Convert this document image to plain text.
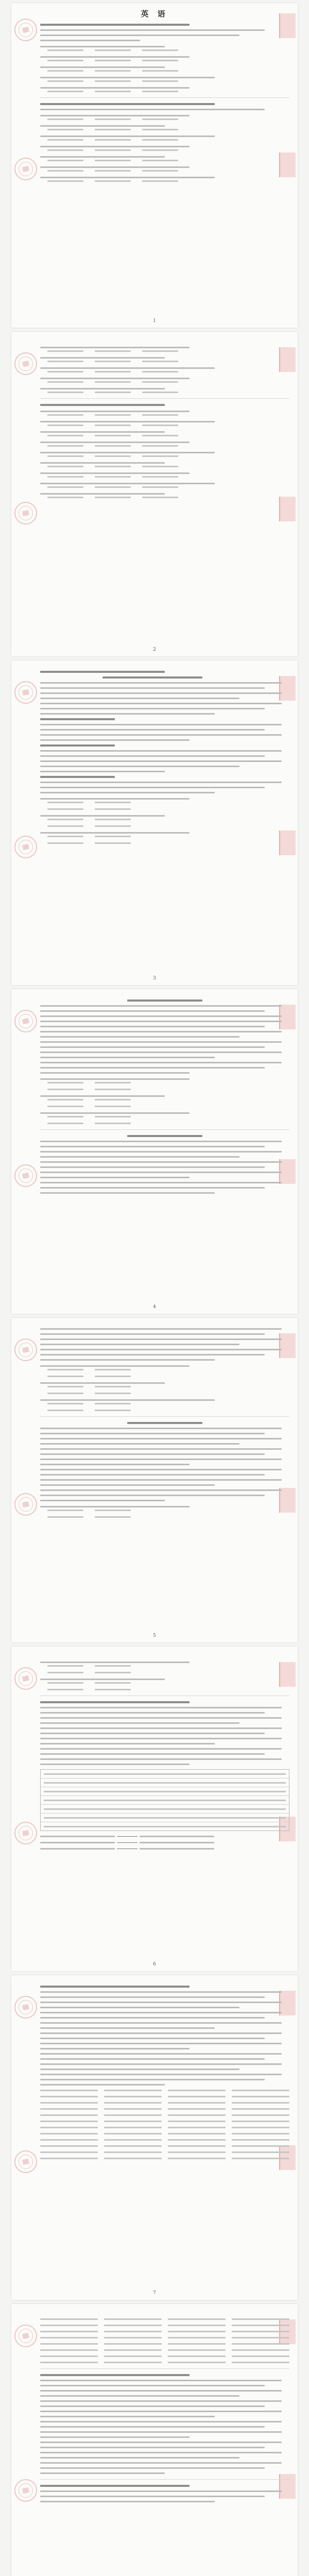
英 语
1
2
3
4
5
6
7
